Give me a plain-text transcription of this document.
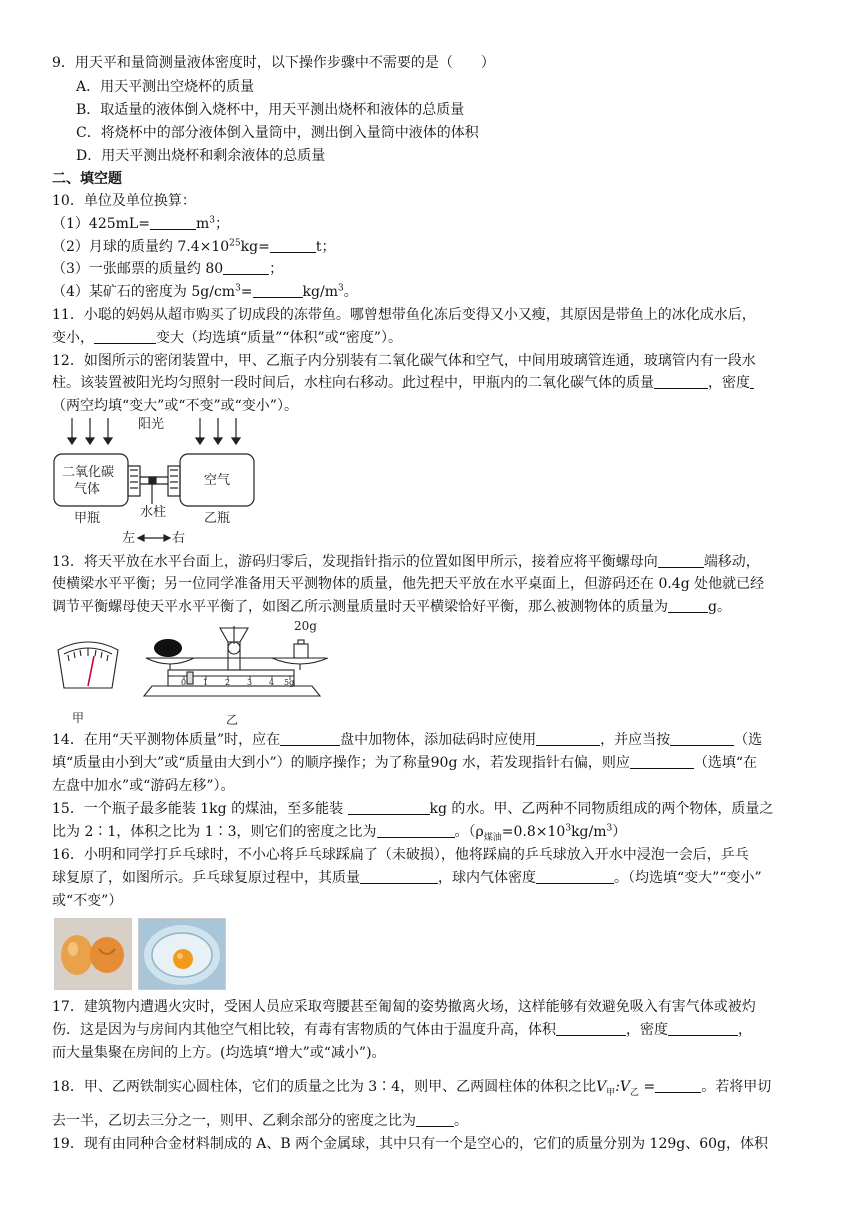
9．用天平和量筒测量液体密度时，以下操作步骤中不需要的是（　　）
A．用天平测出空烧杯的质量
B．取适量的液体倒入烧杯中，用天平测出烧杯和液体的总质量
C．将烧杯中的部分液体倒入量筒中，测出倒入量筒中液体的体积
D．用天平测出烧杯和剩余液体的总质量
二、填空题
10．单位及单位换算：
（1）425mL=	$m^3$；
（2）月球的质量约 $7.4\times 10^{25}kg=$	t；
（3）一张邮票的质量约 80	；
（4）某矿石的密度为 $5g/cm^3=$	$kg/m^3$。
11．小聪的妈妈从超市购买了切成段的冻带鱼。哪曾想带鱼化冻后变得又小又瘦，其原因是带鱼上的冰化成水后，
变小，	变大（均选填“质量”“体积”或“密度”）。
12．如图所示的密闭装置中，甲、乙瓶子内分别装有二氧化碳气体和空气，中间用玻璃管连通，玻璃管内有一段水
柱。该装置被阳光均匀照射一段时间后，水柱向右移动。此过程中，甲瓶内的二氧化碳气体的质量	，密度
（两空均填“变大”或“不变”或“变小”）。
阳光
二氧化碳
气体
空气
甲瓶	乙瓶
水柱
左	右
13．将天平放在水平台面上，游码归零后，发现指针指示的位置如图甲所示，接着应将平衡螺母向	端移动，
使横梁水平平衡；另一位同学准备用天平测物体的质量，他先把天平放在水平桌面上，但游码还在 0.4g 处他就已经
调节平衡螺母使天平水平平衡了，如图乙所示测量质量时天平横梁恰好平衡，那么被测物体的质量为	g。
20g
甲	乙
0 1 2 3 4 5g
14．在用“天平测物体质量”时，应在	盘中加物体，添加砝码时应使用	，并应当按	（选
填“质量由小到大”或“质量由大到小”）的顺序操作；为了称量90g 水，若发现指针右偏，则应	（选填“在
左盘中加水”或“游码左移”）。
15．一个瓶子最多能装 1kg 的煤油，至多能装	kg 的水。甲、乙两种不同物质组成的两个物体，质量之
比为 2∶1，体积之比为 1∶3，则它们的密度之比为	。$(\rho_{煤油}=0.8\times 10^3kg/m^3)$
16．小明和同学打乒乓球时，不小心将乒乓球踩扁了（未破损），他将踩扁的乒乓球放入开水中浸泡一会后，乒乓
球复原了，如图所示。乒乓球复原过程中，其质量	，球内气体密度	。（均选填“变大”“变小”
或“不变”）
17．建筑物内遭遇火灾时，受困人员应采取弯腰甚至匍匐的姿势撤离火场，这样能够有效避免吸入有害气体或被灼
伤．这是因为与房间内其他空气相比较，有毒有害物质的气体由于温度升高，体积	，密度	，
而大量集聚在房间的上方。(均选填“增大”或“减小”)。
18．甲、乙两铁制实心圆柱体，它们的质量之比为 3∶4，则甲、乙两圆柱体的体积之比$V_甲:V_乙$ =	。若将甲切
去一半，乙切去三分之一，则甲、乙剩余部分的密度之比为	。
19．现有由同种合金材料制成的 A、B 两个金属球，其中只有一个是空心的，它们的质量分别为 129g、60g，体积
